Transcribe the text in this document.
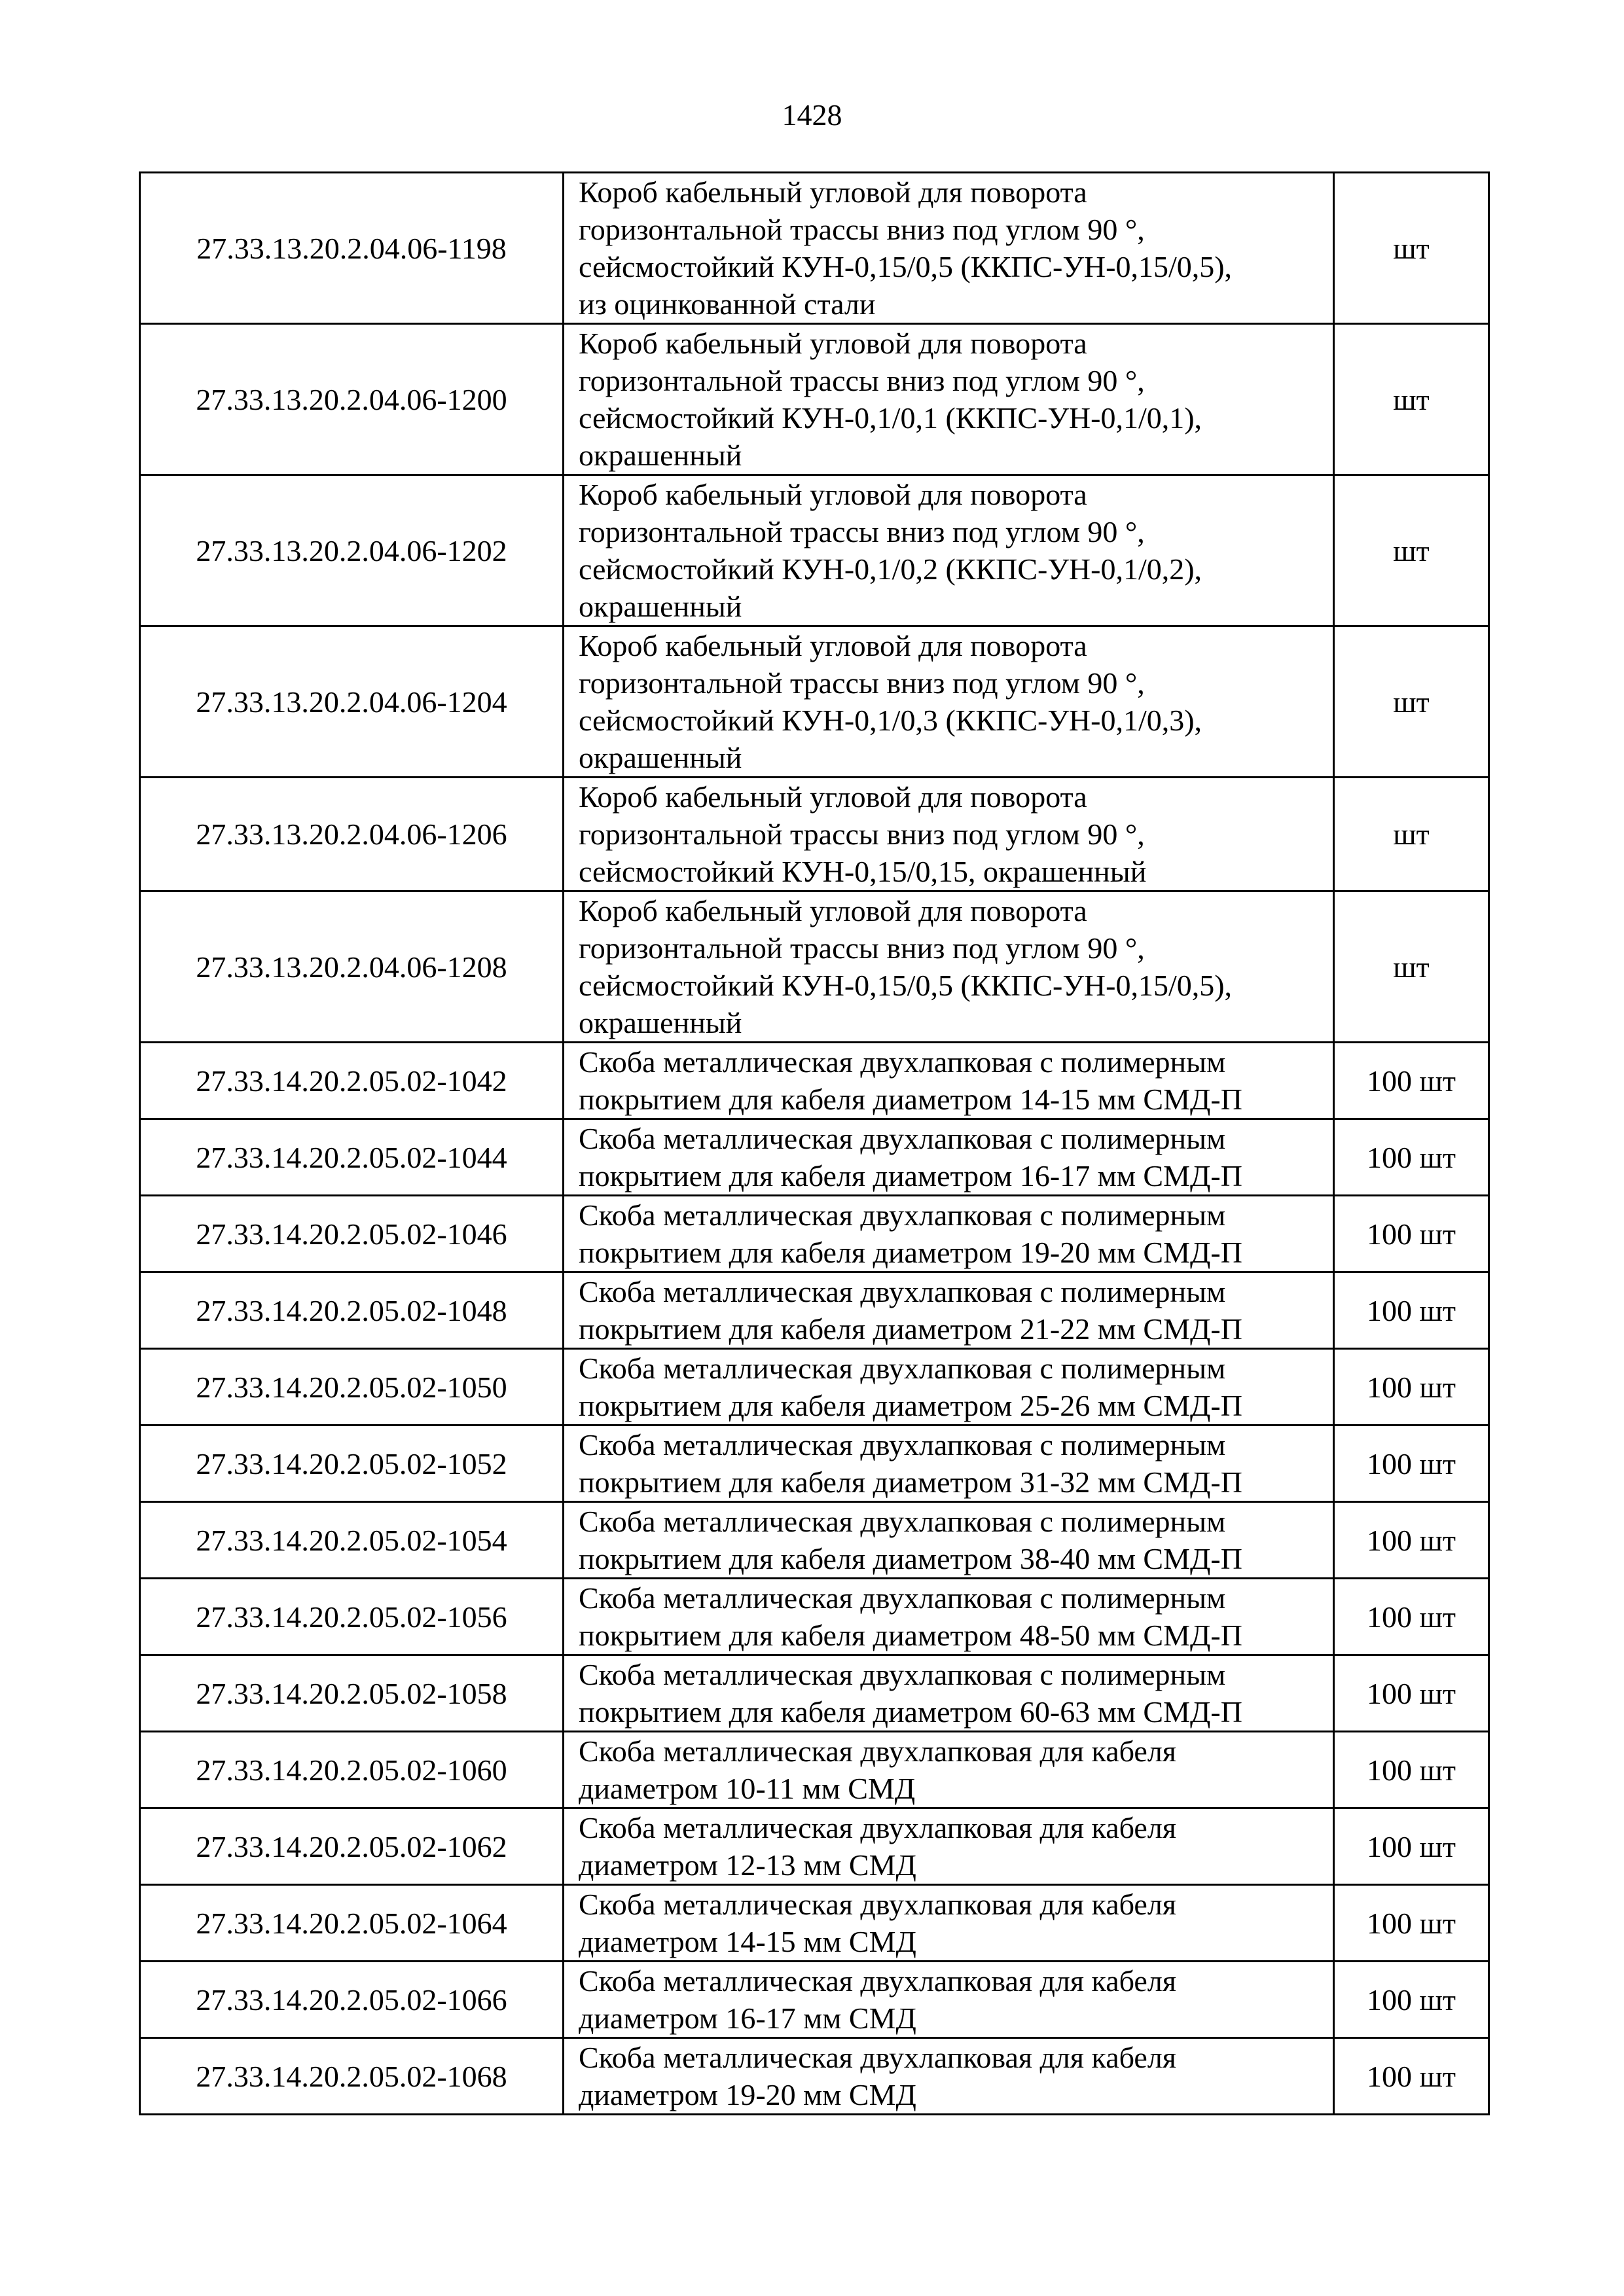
1428
27.33.13.20.2.04.06-1198	Короб кабельный угловой для поворота
горизонтальной трассы вниз под углом 90 °,
сейсмостойкий КУН-0,15/0,5 (ККПС-УН-0,15/0,5),
из оцинкованной стали	шт
27.33.13.20.2.04.06-1200	Короб кабельный угловой для поворота
горизонтальной трассы вниз под углом 90 °,
сейсмостойкий КУН-0,1/0,1 (ККПС-УН-0,1/0,1),
окрашенный	шт
27.33.13.20.2.04.06-1202	Короб кабельный угловой для поворота
горизонтальной трассы вниз под углом 90 °,
сейсмостойкий КУН-0,1/0,2 (ККПС-УН-0,1/0,2),
окрашенный	шт
27.33.13.20.2.04.06-1204	Короб кабельный угловой для поворота
горизонтальной трассы вниз под углом 90 °,
сейсмостойкий КУН-0,1/0,3 (ККПС-УН-0,1/0,3),
окрашенный	шт
27.33.13.20.2.04.06-1206	Короб кабельный угловой для поворота
горизонтальной трассы вниз под углом 90 °,
сейсмостойкий КУН-0,15/0,15, окрашенный	шт
27.33.13.20.2.04.06-1208	Короб кабельный угловой для поворота
горизонтальной трассы вниз под углом 90 °,
сейсмостойкий КУН-0,15/0,5 (ККПС-УН-0,15/0,5),
окрашенный	шт
27.33.14.20.2.05.02-1042	Скоба металлическая двухлапковая с полимерным
покрытием для кабеля диаметром 14-15 мм СМД-П	100 шт
27.33.14.20.2.05.02-1044	Скоба металлическая двухлапковая с полимерным
покрытием для кабеля диаметром 16-17 мм СМД-П	100 шт
27.33.14.20.2.05.02-1046	Скоба металлическая двухлапковая с полимерным
покрытием для кабеля диаметром 19-20 мм СМД-П	100 шт
27.33.14.20.2.05.02-1048	Скоба металлическая двухлапковая с полимерным
покрытием для кабеля диаметром 21-22 мм СМД-П	100 шт
27.33.14.20.2.05.02-1050	Скоба металлическая двухлапковая с полимерным
покрытием для кабеля диаметром 25-26 мм СМД-П	100 шт
27.33.14.20.2.05.02-1052	Скоба металлическая двухлапковая с полимерным
покрытием для кабеля диаметром 31-32 мм СМД-П	100 шт
27.33.14.20.2.05.02-1054	Скоба металлическая двухлапковая с полимерным
покрытием для кабеля диаметром 38-40 мм СМД-П	100 шт
27.33.14.20.2.05.02-1056	Скоба металлическая двухлапковая с полимерным
покрытием для кабеля диаметром 48-50 мм СМД-П	100 шт
27.33.14.20.2.05.02-1058	Скоба металлическая двухлапковая с полимерным
покрытием для кабеля диаметром 60-63 мм СМД-П	100 шт
27.33.14.20.2.05.02-1060	Скоба металлическая двухлапковая для кабеля
диаметром 10-11 мм СМД	100 шт
27.33.14.20.2.05.02-1062	Скоба металлическая двухлапковая для кабеля
диаметром 12-13 мм СМД	100 шт
27.33.14.20.2.05.02-1064	Скоба металлическая двухлапковая для кабеля
диаметром 14-15 мм СМД	100 шт
27.33.14.20.2.05.02-1066	Скоба металлическая двухлапковая для кабеля
диаметром 16-17 мм СМД	100 шт
27.33.14.20.2.05.02-1068	Скоба металлическая двухлапковая для кабеля
диаметром 19-20 мм СМД	100 шт
